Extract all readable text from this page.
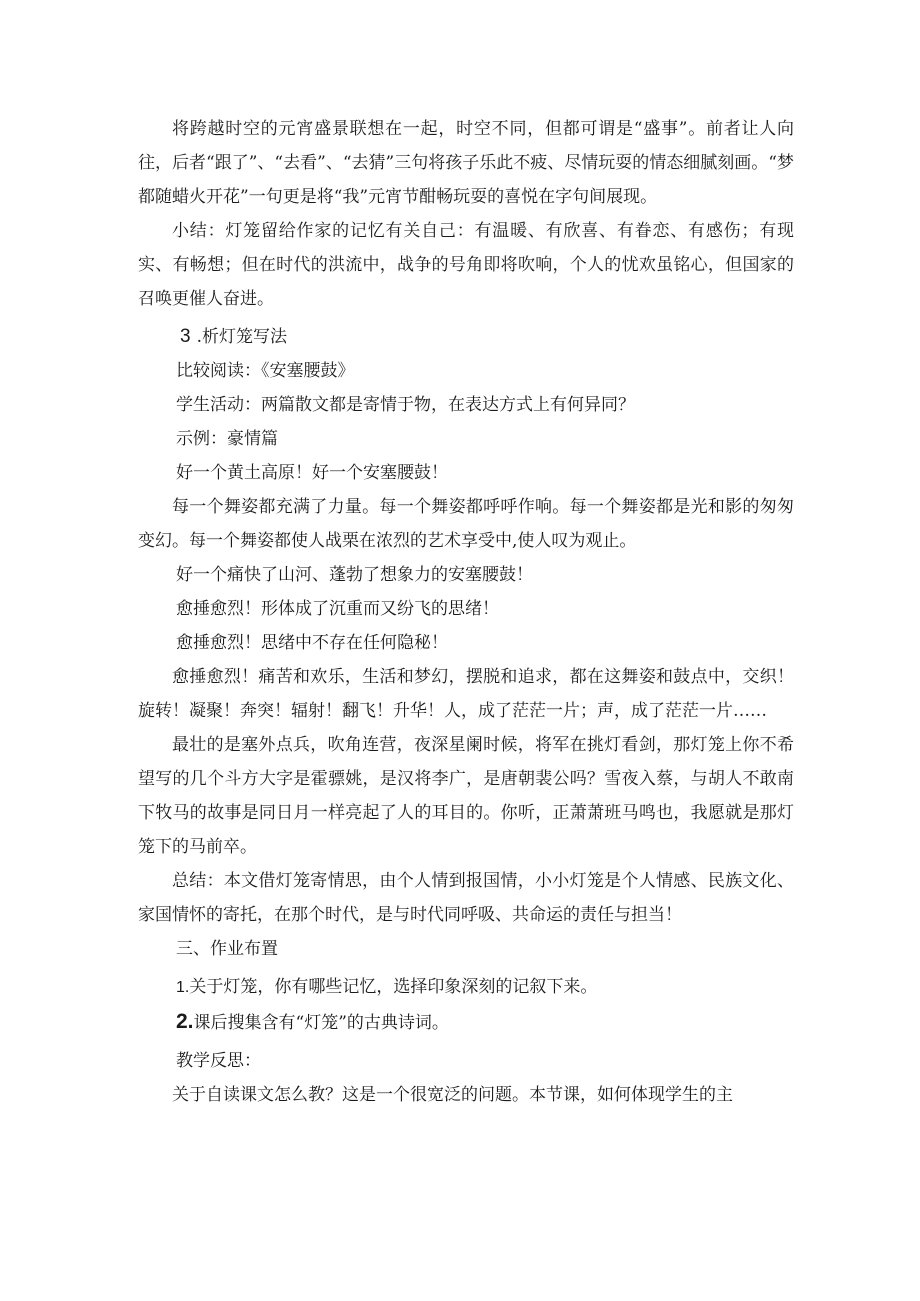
将跨越时空的元宵盛景联想在一起，时空不同，但都可谓是“盛事”。前者让人向往，后者“跟了”、“去看”、“去猜”三句将孩子乐此不疲、尽情玩耍的情态细腻刻画。“梦都随蜡火开花”一句更是将“我”元宵节酣畅玩耍的喜悦在字句间展现。

小结：灯笼留给作家的记忆有关自己：有温暖、有欣喜、有眷恋、有感伤；有现实、有畅想；但在时代的洪流中，战争的号角即将吹响，个人的忧欢虽铭心，但国家的召唤更催人奋进。

3 .析灯笼写法

比较阅读：《安塞腰鼓》

学生活动：两篇散文都是寄情于物，在表达方式上有何异同？

示例：豪情篇

好一个黄土高原！好一个安塞腰鼓！

每一个舞姿都充满了力量。每一个舞姿都呼呼作响。每一个舞姿都是光和影的匆匆变幻。每一个舞姿都使人战栗在浓烈的艺术享受中,使人叹为观止。

好一个痛快了山河、蓬勃了想象力的安塞腰鼓！

愈捶愈烈！形体成了沉重而又纷飞的思绪！

愈捶愈烈！思绪中不存在任何隐秘！

愈捶愈烈！痛苦和欢乐，生活和梦幻，摆脱和追求，都在这舞姿和鼓点中，交织！旋转！凝聚！奔突！辐射！翻飞！升华！人，成了茫茫一片；声，成了茫茫一片……

最壮的是塞外点兵，吹角连营，夜深星阑时候，将军在挑灯看剑，那灯笼上你不希望写的几个斗方大字是霍骠姚，是汉将李广，是唐朝裴公吗？雪夜入蔡，与胡人不敢南下牧马的故事是同日月一样亮起了人的耳目的。你听，正萧萧班马鸣也，我愿就是那灯笼下的马前卒。

总结：本文借灯笼寄情思，由个人情到报国情，小小灯笼是个人情感、民族文化、家国情怀的寄托，在那个时代，是与时代同呼吸、共命运的责任与担当！

三、作业布置

1.关于灯笼，你有哪些记忆，选择印象深刻的记叙下来。

2.课后搜集含有“灯笼”的古典诗词。

教学反思：

关于自读课文怎么教？这是一个很宽泛的问题。本节课，如何体现学生的主
